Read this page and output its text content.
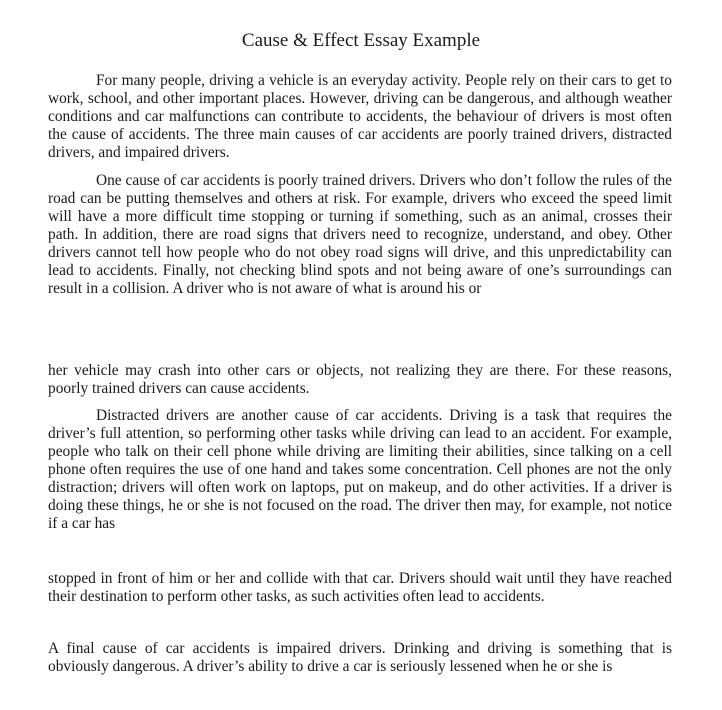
Cause & Effect Essay Example

For many people, driving a vehicle is an everyday activity. People rely on their cars to get to work, school, and other important places. However, driving can be dangerous, and although weather conditions and car malfunctions can contribute to accidents, the behaviour of drivers is most often the cause of accidents. The three main causes of car accidents are poorly trained drivers, distracted drivers, and impaired drivers.

One cause of car accidents is poorly trained drivers. Drivers who don’t follow the rules of the road can be putting themselves and others at risk. For example, drivers who exceed the speed limit will have a more difficult time stopping or turning if something, such as an animal, crosses their path. In addition, there are road signs that drivers need to recognize, understand, and obey. Other drivers cannot tell how people who do not obey road signs will drive, and this unpredictability can lead to accidents. Finally, not checking blind spots and not being aware of one’s surroundings can result in a collision. A driver who is not aware of what is around his or

her vehicle may crash into other cars or objects, not realizing they are there. For these reasons, poorly trained drivers can cause accidents.

Distracted drivers are another cause of car accidents. Driving is a task that requires the driver’s full attention, so performing other tasks while driving can lead to an accident. For example, people who talk on their cell phone while driving are limiting their abilities, since talking on a cell phone often requires the use of one hand and takes some concentration. Cell phones are not the only distraction; drivers will often work on laptops, put on makeup, and do other activities. If a driver is doing these things, he or she is not focused on the road. The driver then may, for example, not notice if a car has

stopped in front of him or her and collide with that car. Drivers should wait until they have reached their destination to perform other tasks, as such activities often lead to accidents.

A final cause of car accidents is impaired drivers. Drinking and driving is something that is obviously dangerous. A driver’s ability to drive a car is seriously lessened when he or she is
